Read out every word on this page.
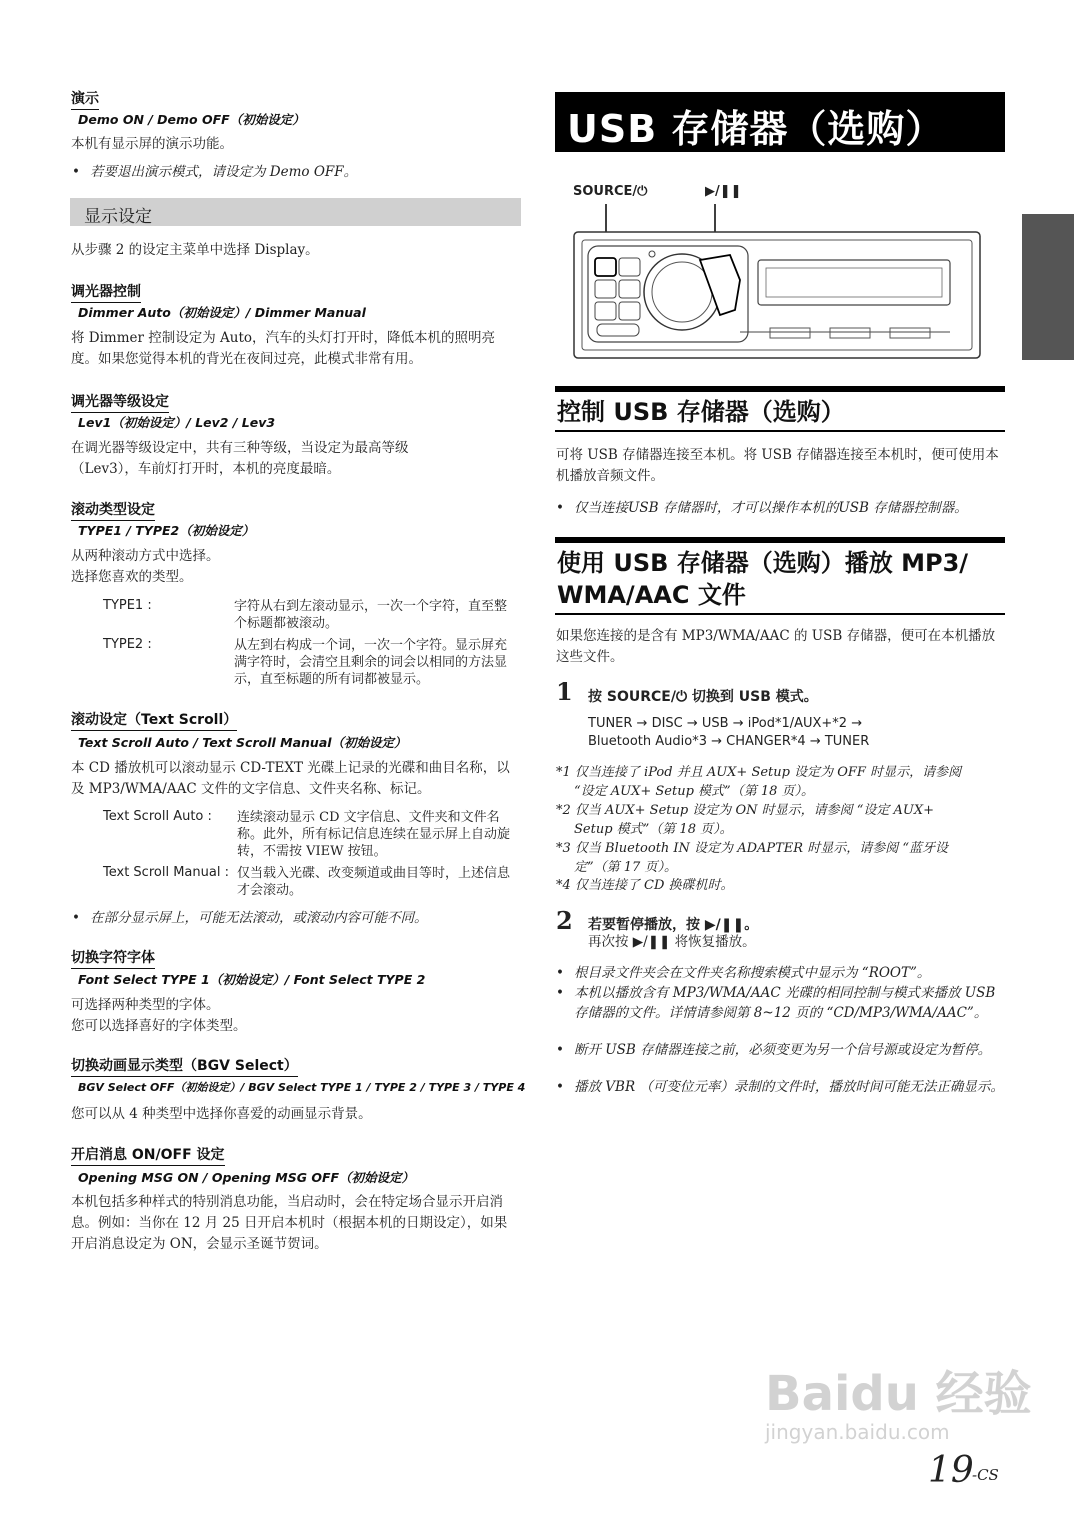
演示
Demo ON / Demo OFF（初始设定）
本机有显示屏的演示功能。
• 若要退出演示模式，请设定为 Demo OFF。
显示设定
从步骤 2 的设定主菜单中选择 Display。
调光器控制
Dimmer Auto（初始设定）/ Dimmer Manual
将 Dimmer 控制设定为 Auto，汽车的头灯打开时，降低本机的照明亮度。如果您觉得本机的背光在夜间过亮，此模式非常有用。
调光器等级设定
Lev1（初始设定）/ Lev2 / Lev3
在调光器等级设定中，共有三种等级，当设定为最高等级（Lev3），车前灯打开时，本机的亮度最暗。
滚动类型设定
TYPE1 / TYPE2（初始设定）
从两种滚动方式中选择。
选择您喜欢的类型。
TYPE1 :	字符从右到左滚动显示，一次一个字符，直至整个标题都被滚动。
TYPE2 :	从左到右构成一个词，一次一个字符。显示屏充满字符时，会清空且剩余的词会以相同的方法显示，直至标题的所有词都被显示。
滚动设定（Text Scroll）
Text Scroll Auto / Text Scroll Manual（初始设定）
本 CD 播放机可以滚动显示 CD-TEXT 光碟上记录的光碟和曲目名称，以及 MP3/WMA/AAC 文件的文字信息、文件夹名称、标记。
Text Scroll Auto : 连续滚动显示 CD 文字信息、文件夹和文件名称。此外，所有标记信息连续在显示屏上自动旋转，不需按 VIEW 按钮。
Text Scroll Manual : 仅当载入光碟、改变频道或曲目等时，上述信息才会滚动。
• 在部分显示屏上，可能无法滚动，或滚动内容可能不同。
切换字符字体
Font Select TYPE 1（初始设定）/ Font Select TYPE 2
可选择两种类型的字体。
您可以选择喜好的字体类型。
切换动画显示类型（BGV Select）
BGV Select OFF（初始设定）/ BGV Select TYPE 1 / TYPE 2 / TYPE 3 / TYPE 4
您可以从 4 种类型中选择你喜爱的动画显示背景。
开启消息 ON/OFF 设定
Opening MSG ON / Opening MSG OFF（初始设定）
本机包括多种样式的特别消息功能，当启动时，会在特定场合显示开启消息。例如：当你在 12 月 25 日开启本机时（根据本机的日期设定），如果开启消息设定为 ON，会显示圣诞节贺词。
USB 存储器（选购）
SOURCE/⏻	▶/❚❚
控制 USB 存储器（选购）
可将 USB 存储器连接至本机。将 USB 存储器连接至本机时，便可使用本机播放音频文件。
• 仅当连接USB 存储器时，才可以操作本机的USB 存储器控制器。
使用 USB 存储器（选购）播放 MP3/
WMA/AAC 文件
如果您连接的是含有 MP3/WMA/AAC 的 USB 存储器，便可在本机播放这些文件。
1 按 SOURCE/⏻ 切换到 USB 模式。
TUNER → DISC → USB → iPod*1/AUX+*2 →
Bluetooth Audio*3 → CHANGER*4 → TUNER
*1 仅当连接了 iPod 并且 AUX+ Setup 设定为 OFF 时显示，请参阅
“设定 AUX+ Setup 模式”（第 18 页）。
*2 仅当 AUX+ Setup 设定为 ON 时显示，请参阅 “设定 AUX+
Setup 模式”（第 18 页）。
*3 仅当 Bluetooth IN 设定为 ADAPTER 时显示，请参阅 “蓝牙设
定”（第 17 页）。
*4 仅当连接了 CD 换碟机时。
2 若要暂停播放，按 ▶/❚❚。
再次按 ▶/❚❚ 将恢复播放。
• 根目录文件夹会在文件夹名称搜索模式中显示为 “ROOT”。
• 本机以播放含有 MP3/WMA/AAC 光碟的相同控制与模式来播放 USB 存储器的文件。详情请参阅第 8~12 页的 “CD/MP3/WMA/AAC”。
• 断开 USB 存储器连接之前，必须变更为另一个信号源或设定为暂停。
• 播放 VBR （可变位元率）录制的文件时，播放时间可能无法正确显示。
Baidu 经验
jingyan.baidu.com
19
-CS
